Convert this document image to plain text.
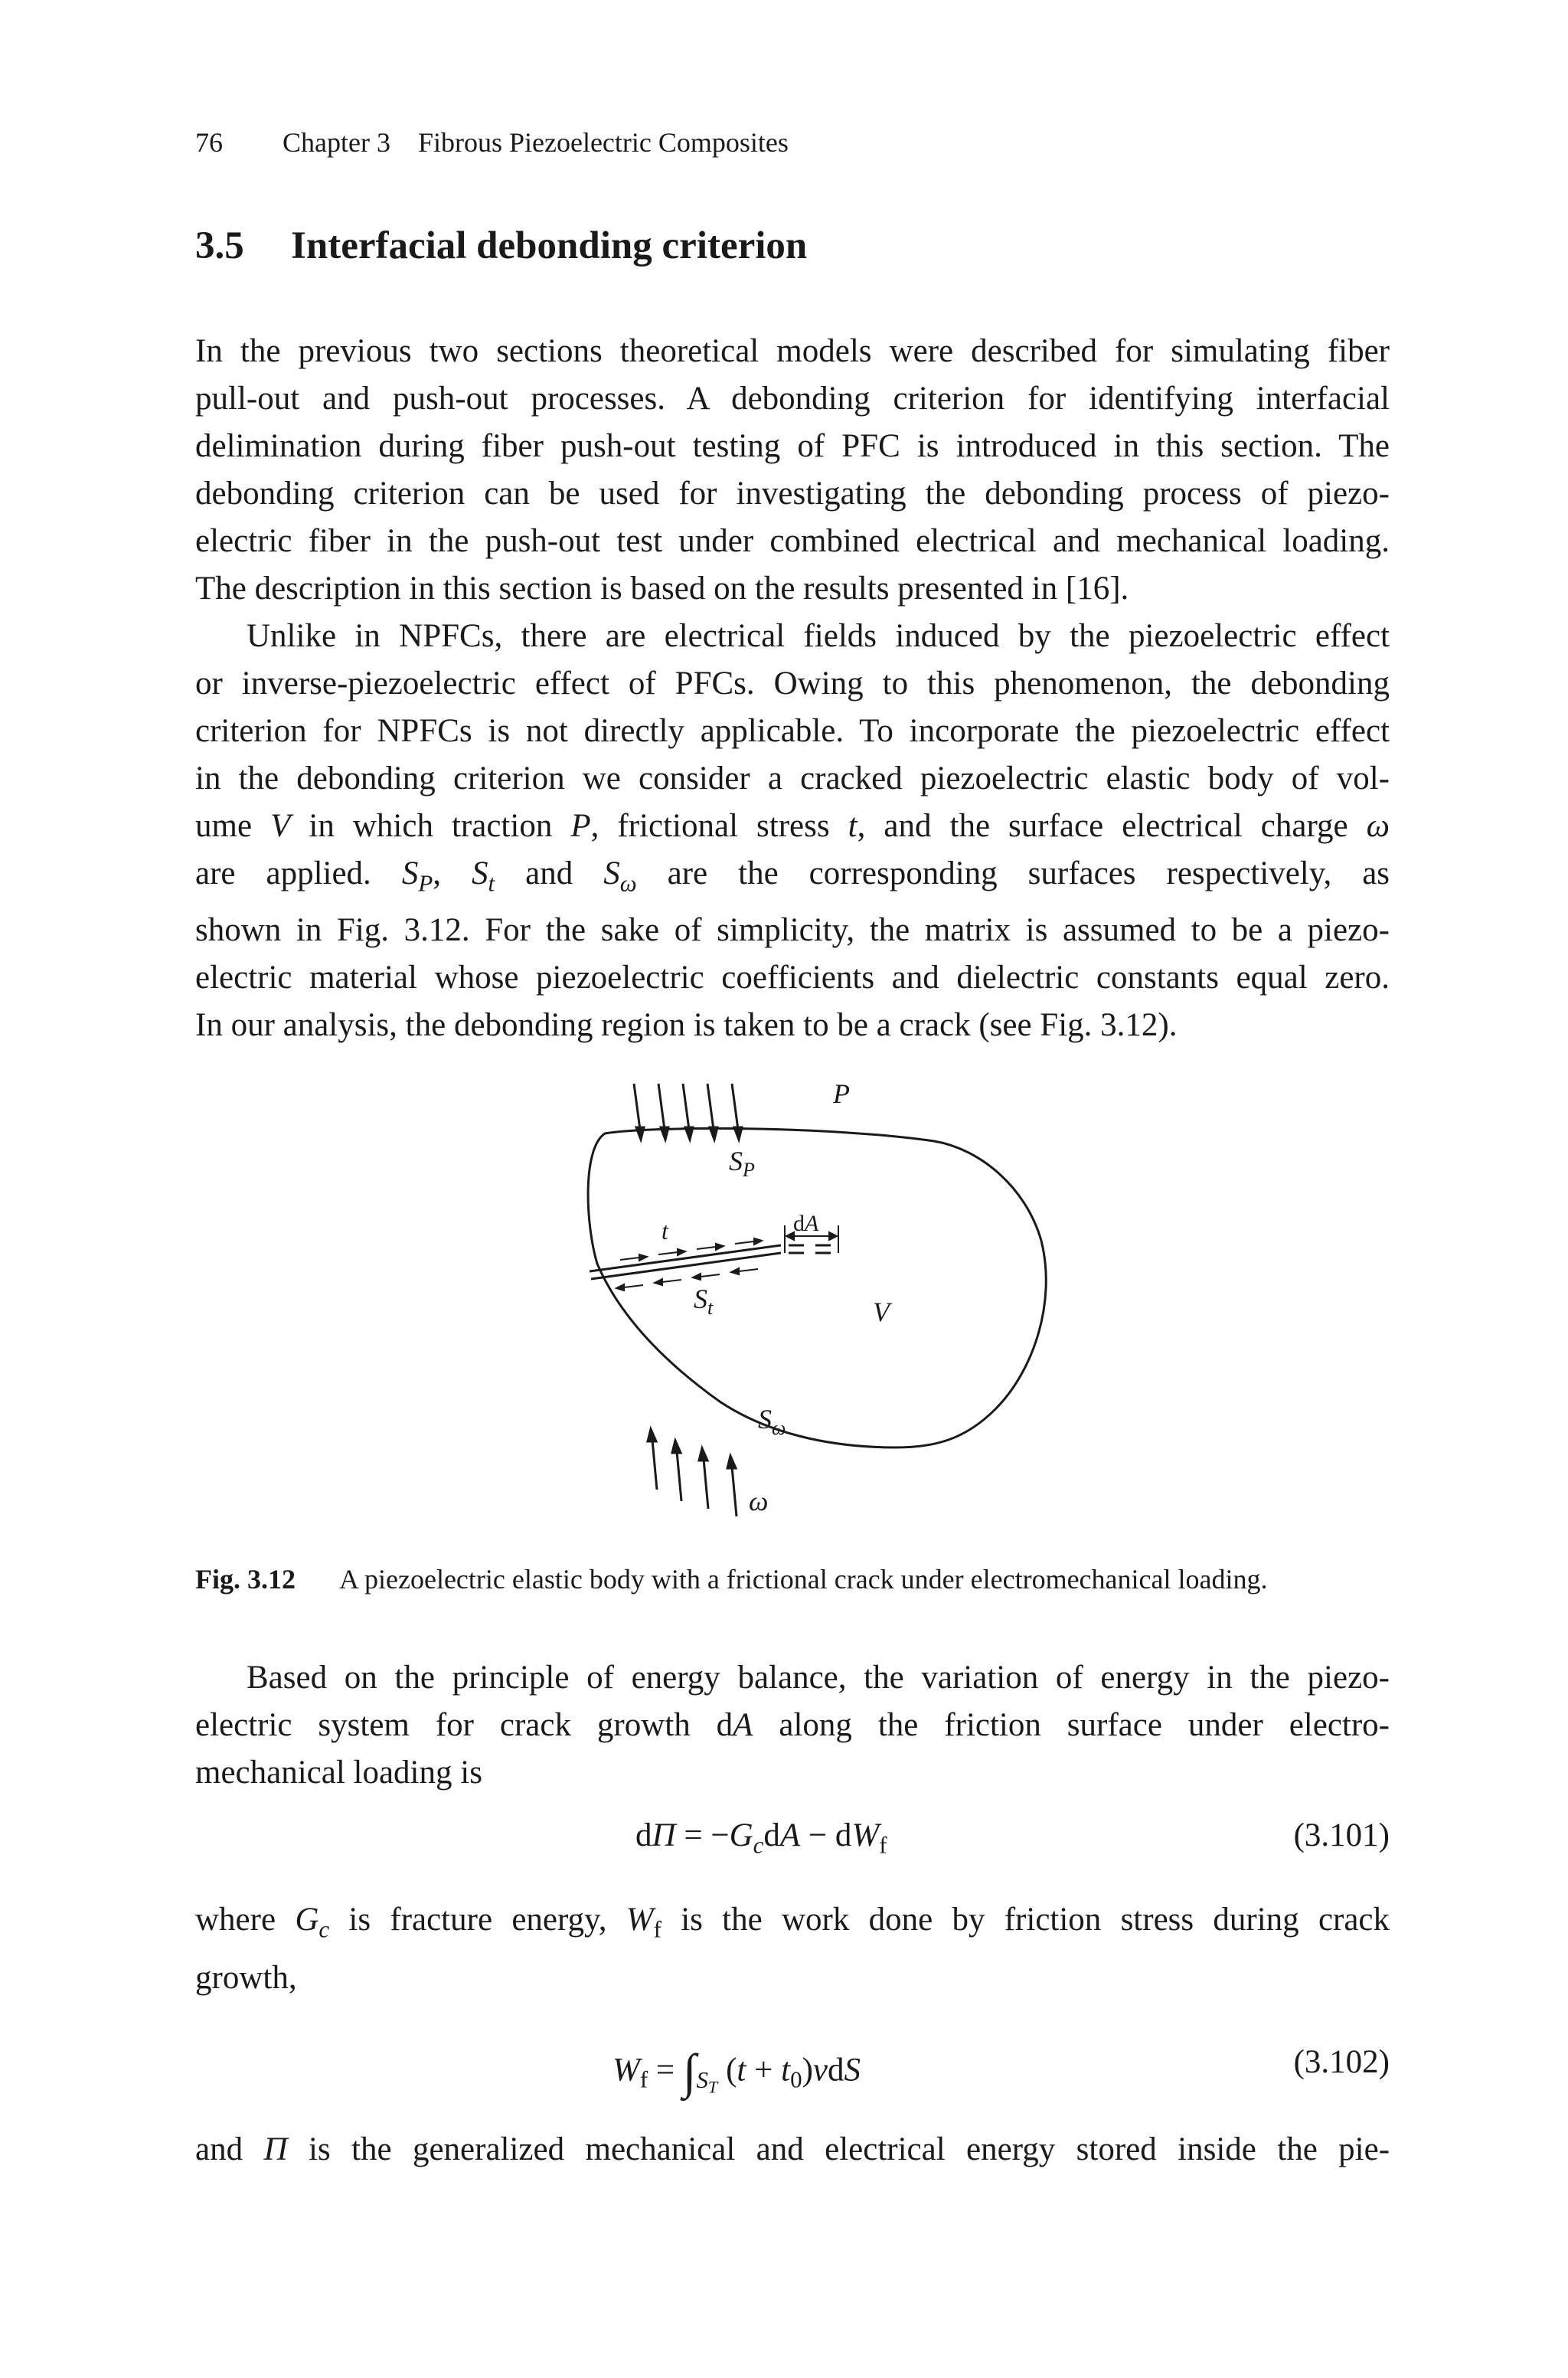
76 Chapter 3 Fibrous Piezoelectric Composites
3.5 Interfacial debonding criterion
In the previous two sections theoretical models were described for simulating fiber
pull-out and push-out processes. A debonding criterion for identifying interfacial
delimination during fiber push-out testing of PFC is introduced in this section. The
debonding criterion can be used for investigating the debonding process of piezo-
electric fiber in the push-out test under combined electrical and mechanical loading.
The description in this section is based on the results presented in [16].
Unlike in NPFCs, there are electrical fields induced by the piezoelectric effect
or inverse-piezoelectric effect of PFCs. Owing to this phenomenon, the debonding
criterion for NPFCs is not directly applicable. To incorporate the piezoelectric effect
in the debonding criterion we consider a cracked piezoelectric elastic body of vol-
ume V in which traction P, frictional stress t, and the surface electrical charge ω
are applied. $S_P$, $S_t$ and $S_\omega$ are the corresponding surfaces respectively, as
shown in Fig. 3.12. For the sake of simplicity, the matrix is assumed to be a piezo-
electric material whose piezoelectric coefficients and dielectric constants equal zero.
In our analysis, the debonding region is taken to be a crack (see Fig. 3.12).
P
$S_P$
t	dA
$S_t$	V
$S_\omega$
ω
Fig. 3.12 A piezoelectric elastic body with a frictional crack under electromechanical loading.
Based on the principle of energy balance, the variation of energy in the piezo-
electric system for crack growth dA along the friction surface under electro-
mechanical loading is
$d\Pi = -G_cdA - dW_f$	(3.101)
where $G_c$ is fracture energy, $W_f$ is the work done by friction stress during crack
growth,
$W_f = \int_{S_T}$ $(t + t_0)vdS$	(3.102)
and Π is the generalized mechanical and electrical energy stored inside the pie-
